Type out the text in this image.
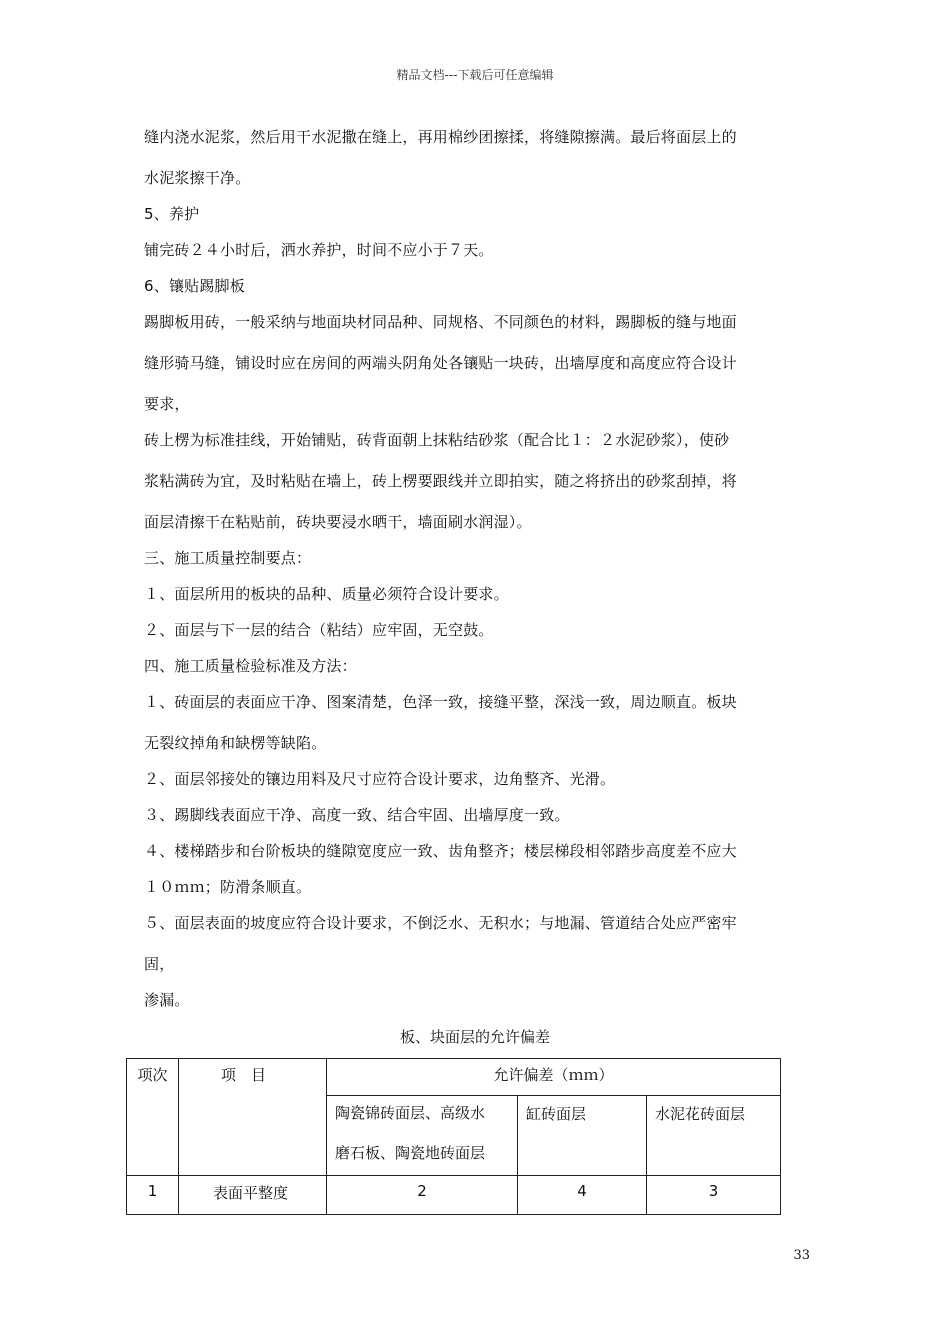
精品文档---下载后可任意编辑
缝内浇水泥浆，然后用干水泥撒在缝上，再用棉纱团擦揉，将缝隙擦满。最后将面层上的
水泥浆擦干净。
5、养护
铺完砖２４小时后，洒水养护，时间不应小于７天。
6、镶贴踢脚板
踢脚板用砖，一般采纳与地面块材同品种、同规格、不同颜色的材料，踢脚板的缝与地面
缝形骑马缝，铺设时应在房间的两端头阴角处各镶贴一块砖，出墙厚度和高度应符合设计
要求，
砖上楞为标准挂线，开始铺贴，砖背面朝上抹粘结砂浆（配合比１：２水泥砂浆），使砂
浆粘满砖为宜，及时粘贴在墙上，砖上楞要跟线并立即拍实，随之将挤出的砂浆刮掉，将
面层清擦干在粘贴前，砖块要浸水晒干，墙面刷水润湿）。
三、施工质量控制要点：
１、面层所用的板块的品种、质量必须符合设计要求。
２、面层与下一层的结合（粘结）应牢固，无空鼓。
四、施工质量检验标准及方法：
１、砖面层的表面应干净、图案清楚，色泽一致，接缝平整，深浅一致，周边顺直。板块
无裂纹掉角和缺楞等缺陷。
２、面层邻接处的镶边用料及尺寸应符合设计要求，边角整齐、光滑。
３、踢脚线表面应干净、高度一致、结合牢固、出墙厚度一致。
４、楼梯踏步和台阶板块的缝隙宽度应一致、齿角整齐；楼层梯段相邻踏步高度差不应大
１０ｍｍ；防滑条顺直。
５、面层表面的坡度应符合设计要求，不倒泛水、无积水；与地漏、管道结合处应严密牢
固，
渗漏。
板、块面层的允许偏差
项次	项　目	允许偏差（ｍｍ）		

		陶瓷锦砖面层、高级水
磨石板、陶瓷地砖面层	缸砖面层	水泥花砖面层

1	表面平整度	2	4	3
33
